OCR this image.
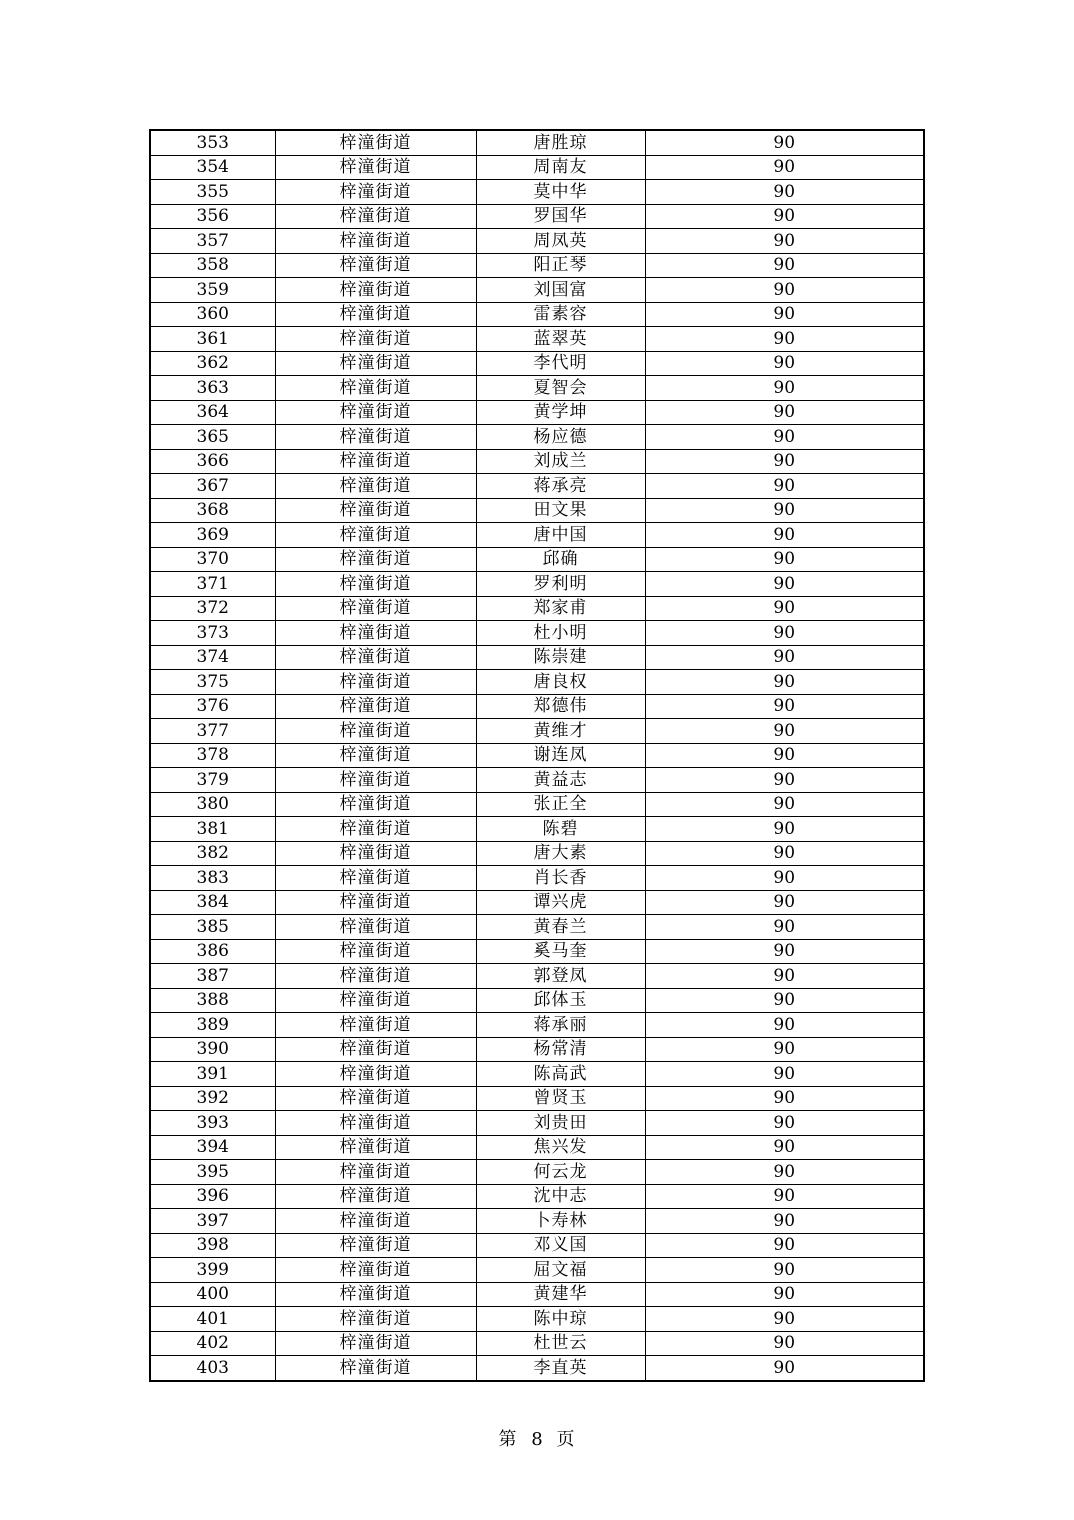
353	梓潼街道	唐胜琼	90
354	梓潼街道	周南友	90
355	梓潼街道	莫中华	90
356	梓潼街道	罗国华	90
357	梓潼街道	周凤英	90
358	梓潼街道	阳正琴	90
359	梓潼街道	刘国富	90
360	梓潼街道	雷素容	90
361	梓潼街道	蓝翠英	90
362	梓潼街道	李代明	90
363	梓潼街道	夏智会	90
364	梓潼街道	黄学坤	90
365	梓潼街道	杨应德	90
366	梓潼街道	刘成兰	90
367	梓潼街道	蒋承亮	90
368	梓潼街道	田文果	90
369	梓潼街道	唐中国	90
370	梓潼街道	邱确	90
371	梓潼街道	罗利明	90
372	梓潼街道	郑家甫	90
373	梓潼街道	杜小明	90
374	梓潼街道	陈崇建	90
375	梓潼街道	唐良权	90
376	梓潼街道	郑德伟	90
377	梓潼街道	黄维才	90
378	梓潼街道	谢连凤	90
379	梓潼街道	黄益志	90
380	梓潼街道	张正全	90
381	梓潼街道	陈碧	90
382	梓潼街道	唐大素	90
383	梓潼街道	肖长香	90
384	梓潼街道	谭兴虎	90
385	梓潼街道	黄春兰	90
386	梓潼街道	奚马奎	90
387	梓潼街道	郭登凤	90
388	梓潼街道	邱体玉	90
389	梓潼街道	蒋承丽	90
390	梓潼街道	杨常清	90
391	梓潼街道	陈高武	90
392	梓潼街道	曾贤玉	90
393	梓潼街道	刘贵田	90
394	梓潼街道	焦兴发	90
395	梓潼街道	何云龙	90
396	梓潼街道	沈中志	90
397	梓潼街道	卜寿林	90
398	梓潼街道	邓义国	90
399	梓潼街道	屈文福	90
400	梓潼街道	黄建华	90
401	梓潼街道	陈中琼	90
402	梓潼街道	杜世云	90
403	梓潼街道	李直英	90
第 8 页
